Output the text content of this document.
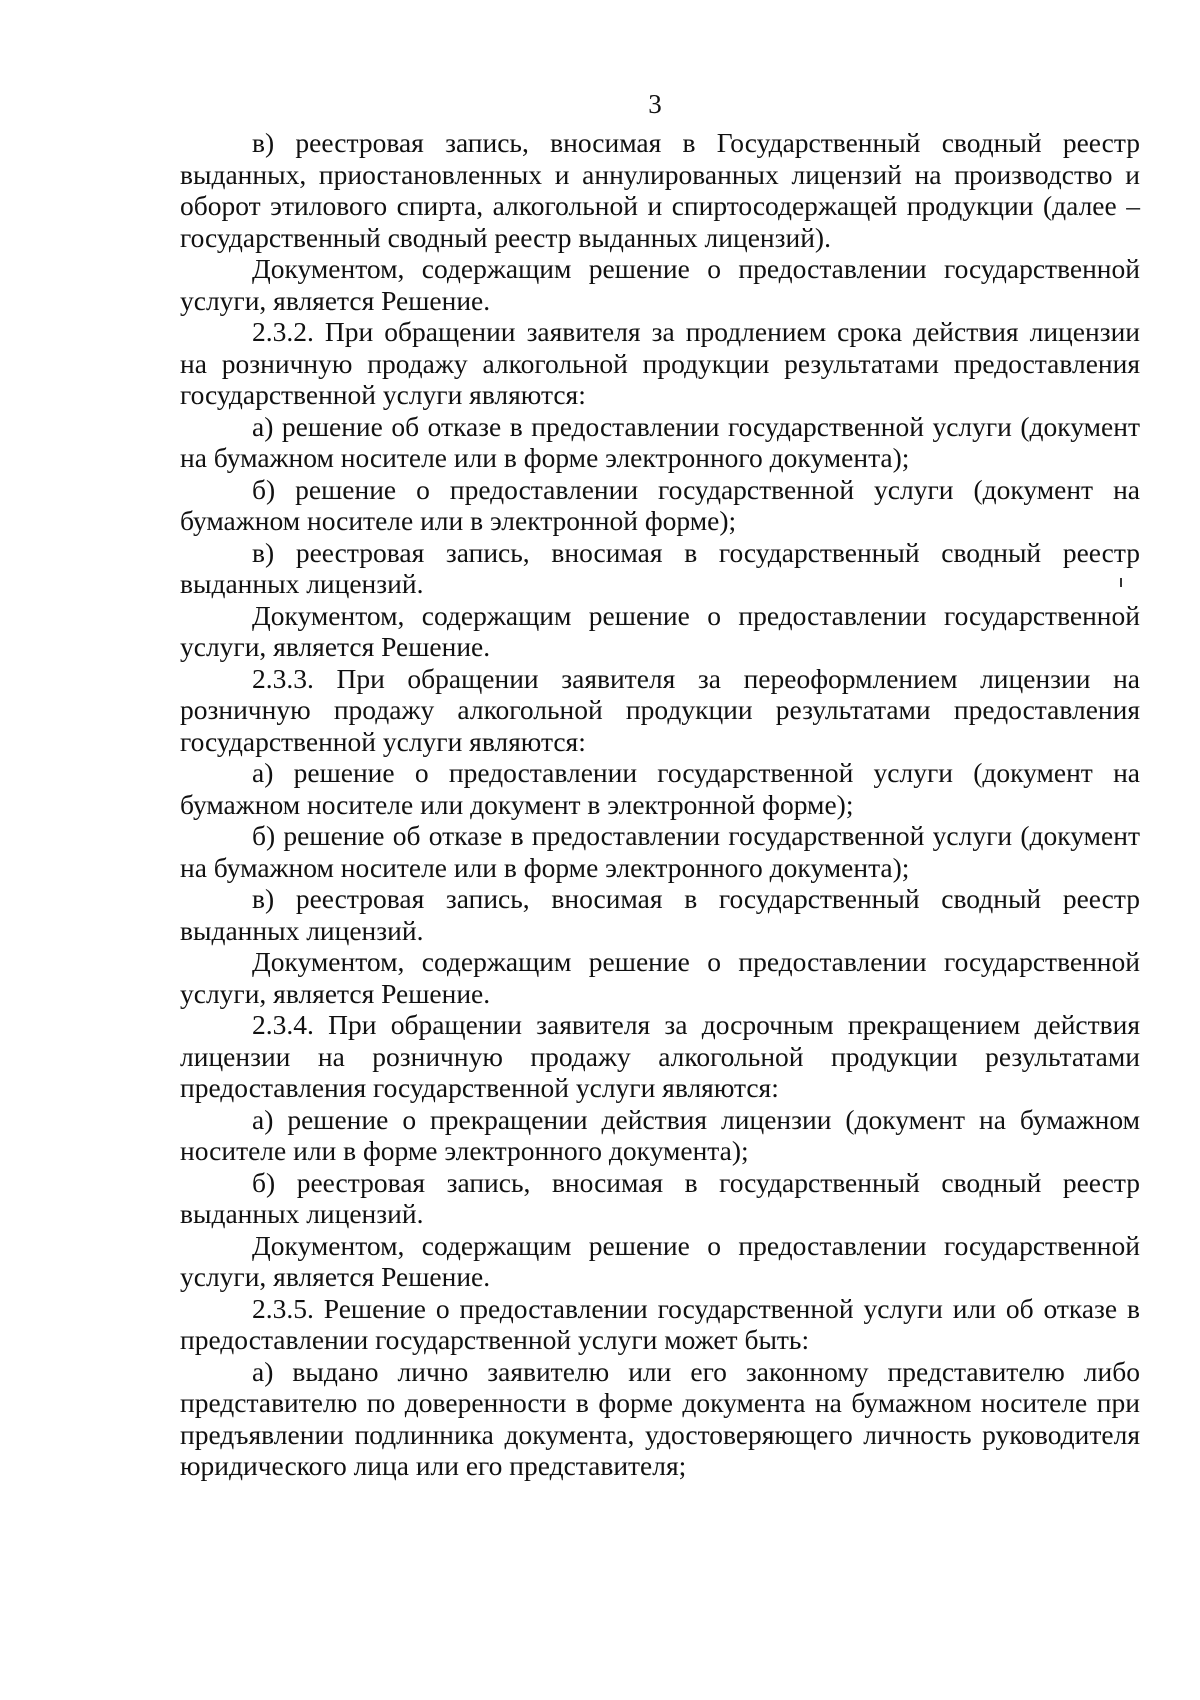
3

в) реестровая запись, вносимая в Государственный сводный реестр выданных, приостановленных и аннулированных лицензий на производство и оборот этилового спирта, алкогольной и спиртосодержащей продукции (далее – государственный сводный реестр выданных лицензий).

Документом, содержащим решение о предоставлении государственной услуги, является Решение.

2.3.2. При обращении заявителя за продлением срока действия лицензии на розничную продажу алкогольной продукции результатами предоставления государственной услуги являются:

а) решение об отказе в предоставлении государственной услуги (документ на бумажном носителе или в форме электронного документа);

б) решение о предоставлении государственной услуги (документ на бумажном носителе или в электронной форме);

в) реестровая запись, вносимая в государственный сводный реестр выданных лицензий.

Документом, содержащим решение о предоставлении государственной услуги, является Решение.

2.3.3. При обращении заявителя за переоформлением лицензии на розничную продажу алкогольной продукции результатами предоставления государственной услуги являются:

а) решение о предоставлении государственной услуги (документ на бумажном носителе или документ в электронной форме);

б) решение об отказе в предоставлении государственной услуги (документ на бумажном носителе или в форме электронного документа);

в) реестровая запись, вносимая в государственный сводный реестр выданных лицензий.

Документом, содержащим решение о предоставлении государственной услуги, является Решение.

2.3.4. При обращении заявителя за досрочным прекращением действия лицензии на розничную продажу алкогольной продукции результатами предоставления государственной услуги являются:

а) решение о прекращении действия лицензии (документ на бумажном носителе или в форме электронного документа);

б) реестровая запись, вносимая в государственный сводный реестр выданных лицензий.

Документом, содержащим решение о предоставлении государственной услуги, является Решение.

2.3.5. Решение о предоставлении государственной услуги или об отказе в предоставлении государственной услуги может быть:

а) выдано лично заявителю или его законному представителю либо представителю по доверенности в форме документа на бумажном носителе при предъявлении подлинника документа, удостоверяющего личность руководителя юридического лица или его представителя;
